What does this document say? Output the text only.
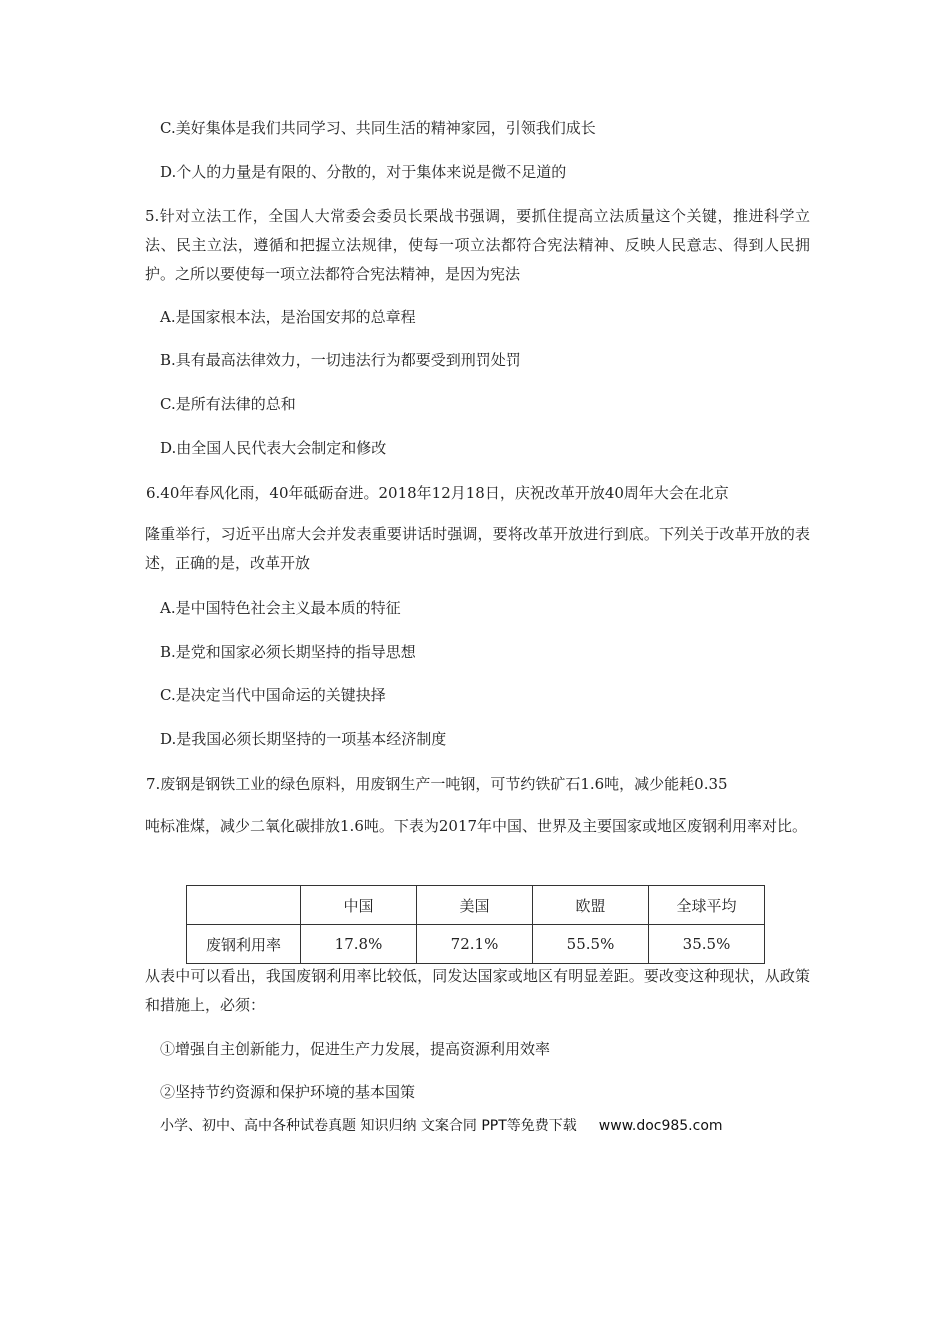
C.美好集体是我们共同学习、共同生活的精神家园，引领我们成长
D.个人的力量是有限的、分散的，对于集体来说是微不足道的
5.针对立法工作，全国人大常委会委员长栗战书强调，要抓住提高立法质量这个关键，推进科学立法、民主立法，遵循和把握立法规律，使每一项立法都符合宪法精神、反映人民意志、得到人民拥护。之所以要使每一项立法都符合宪法精神，是因为宪法
A.是国家根本法，是治国安邦的总章程
B.具有最高法律效力，一切违法行为都要受到刑罚处罚
C.是所有法律的总和
D.由全国人民代表大会制定和修改
6.40年春风化雨，40年砥砺奋进。2018年12月18日，庆祝改革开放40周年大会在北京
隆重举行，习近平出席大会并发表重要讲话时强调，要将改革开放进行到底。下列关于改革开放的表述，正确的是，改革开放
A.是中国特色社会主义最本质的特征
B.是党和国家必须长期坚持的指导思想
C.是决定当代中国命运的关键抉择
D.是我国必须长期坚持的一项基本经济制度
7.废钢是钢铁工业的绿色原料，用废钢生产一吨钢，可节约铁矿石1.6吨，减少能耗0.35
吨标准煤，减少二氧化碳排放1.6吨。下表为2017年中国、世界及主要国家或地区废钢利用率对比。
	中国	美国	欧盟	全球平均
废钢利用率	17.8%	72.1%	55.5%	35.5%
从表中可以看出，我国废钢利用率比较低，同发达国家或地区有明显差距。要改变这种现状，从政策和措施上，必须：
①增强自主创新能力，促进生产力发展，提高资源利用效率
②坚持节约资源和保护环境的基本国策
小学、初中、高中各种试卷真题 知识归纳 文案合同 PPT等免费下载 www.doc985.com
